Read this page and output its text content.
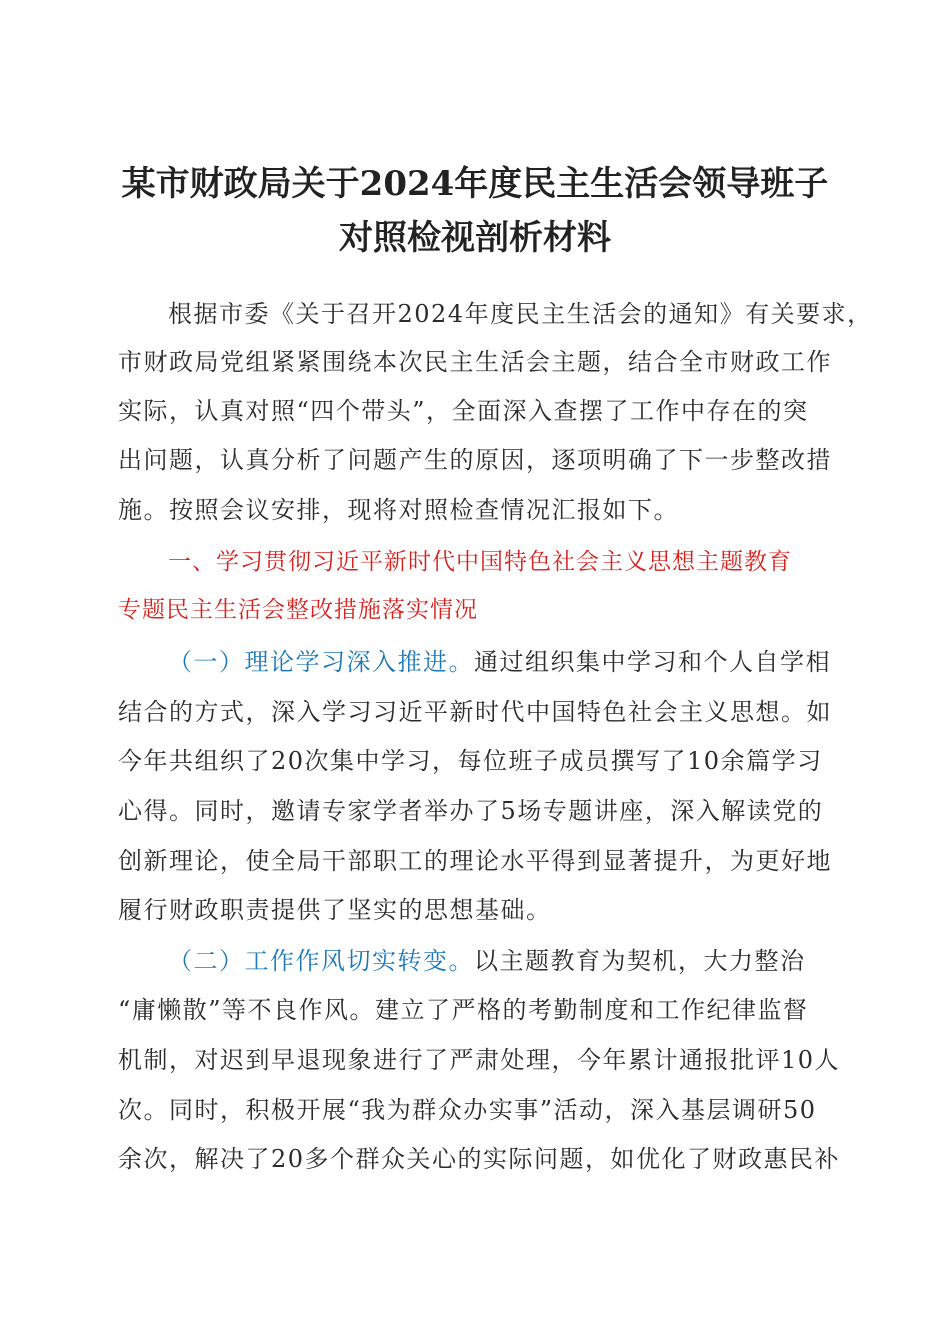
某市财政局关于2024年度民主生活会领导班子
对照检视剖析材料
根据市委《关于召开2024年度民主生活会的通知》有关要求，
市财政局党组紧紧围绕本次民主生活会主题，结合全市财政工作
实际，认真对照“四个带头”，全面深入查摆了工作中存在的突
出问题，认真分析了问题产生的原因，逐项明确了下一步整改措
施。按照会议安排，现将对照检查情况汇报如下。
一、学习贯彻习近平新时代中国特色社会主义思想主题教育
专题民主生活会整改措施落实情况
（一）理论学习深入推进。通过组织集中学习和个人自学相
结合的方式，深入学习习近平新时代中国特色社会主义思想。如
今年共组织了20次集中学习，每位班子成员撰写了10余篇学习
心得。同时，邀请专家学者举办了5场专题讲座，深入解读党的
创新理论，使全局干部职工的理论水平得到显著提升，为更好地
履行财政职责提供了坚实的思想基础。
（二）工作作风切实转变。以主题教育为契机，大力整治
“庸懒散”等不良作风。建立了严格的考勤制度和工作纪律监督
机制，对迟到早退现象进行了严肃处理，今年累计通报批评10人
次。同时，积极开展“我为群众办实事”活动，深入基层调研50
余次，解决了20多个群众关心的实际问题，如优化了财政惠民补
